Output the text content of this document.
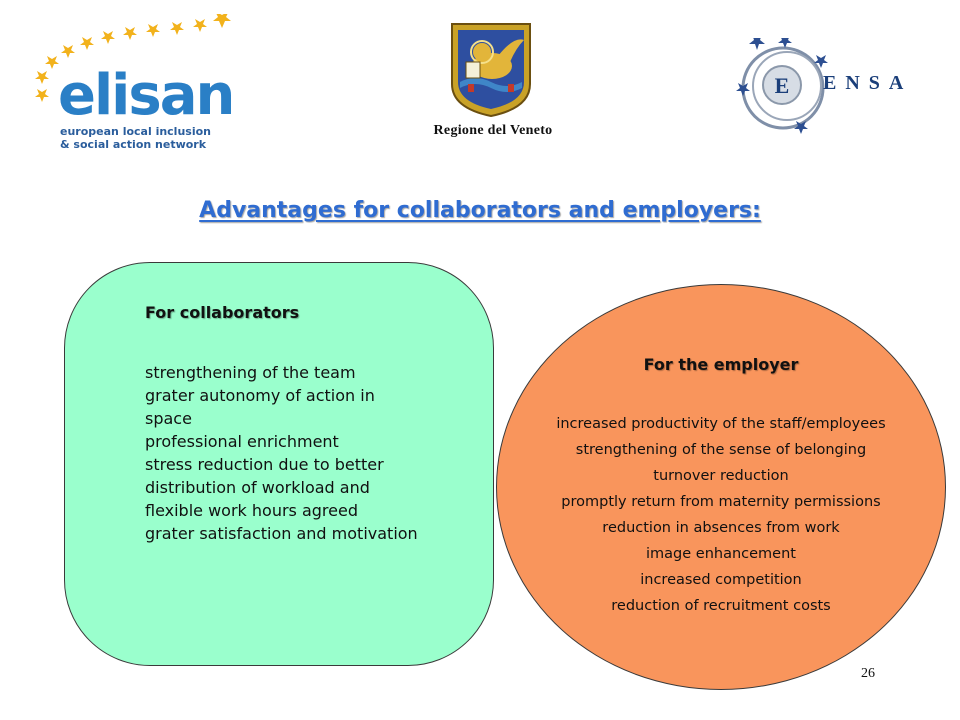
elisan
european local inclusion
& social action network
Regione del Veneto
E ENSA
Advantages for collaborators and employers:
For collaborators
strengthening of the team
grater autonomy of action in space
professional enrichment
stress reduction due to better distribution of workload and flexible work hours agreed
grater satisfaction and motivation
For the employer
increased productivity of the staff/employees
strengthening of the sense of belonging
turnover reduction
promptly return from maternity permissions
reduction in absences from work
image enhancement
increased competition
reduction of recruitment costs
26
